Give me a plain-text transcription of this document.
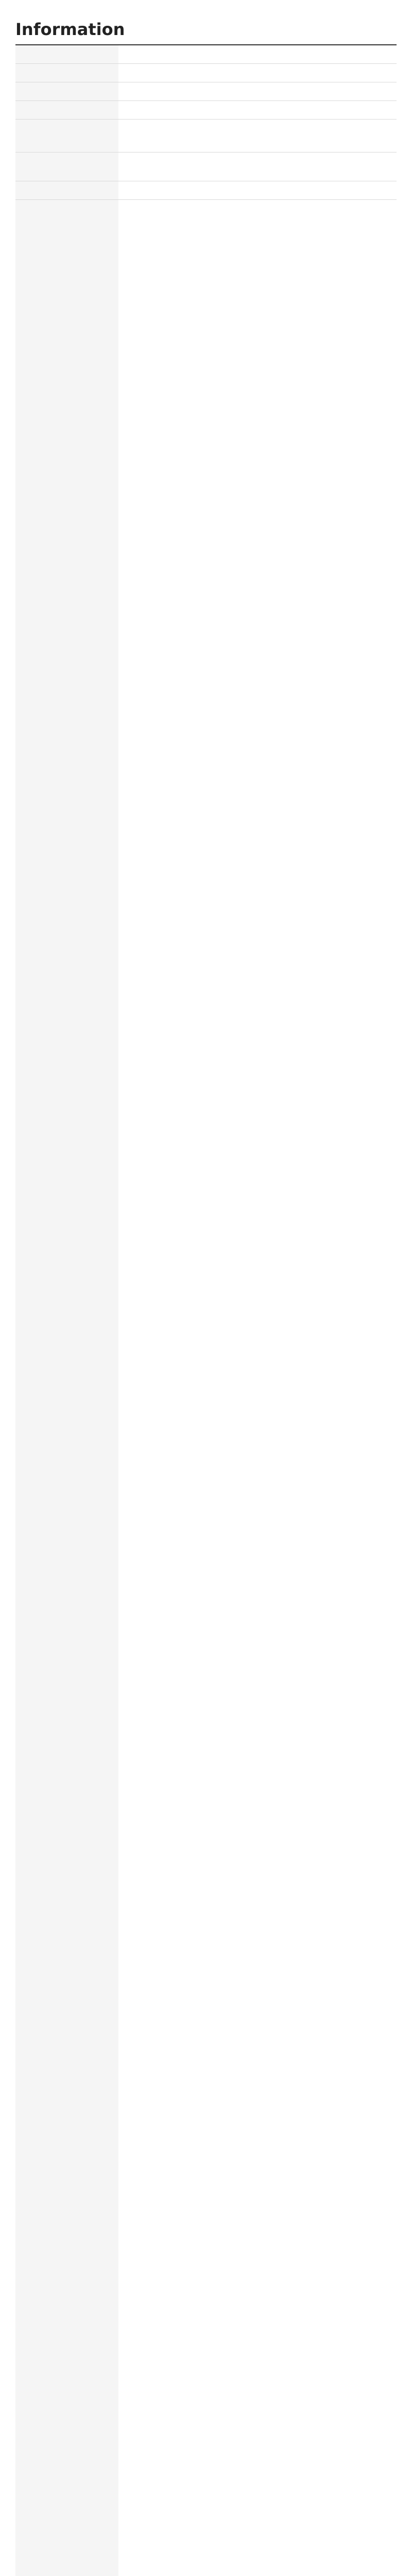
Information
